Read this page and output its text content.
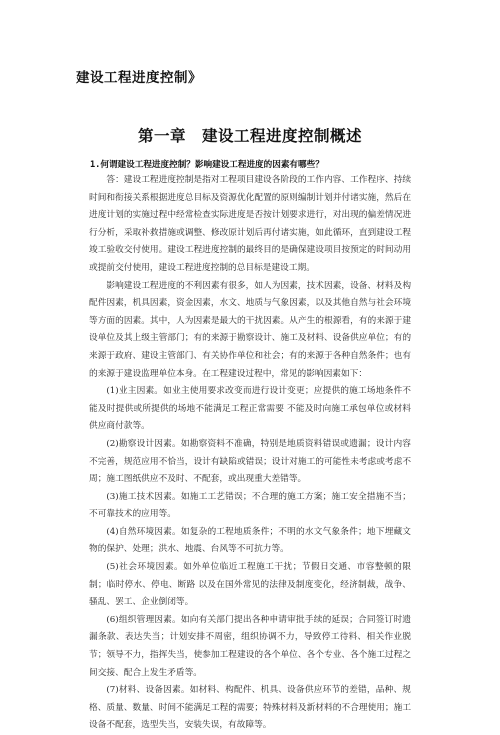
建设工程进度控制》
第一章　建设工程进度控制概述
1.何谓建设工程进度控制？影响建设工程进度的因素有哪些？

答：建设工程进度控制是指对工程项目建设各阶段的工作内容、工作程序、持续时间和衔接关系根据进度总目标及资源优化配置的原则编制计划并付诸实施，然后在进度计划的实施过程中经常检查实际进度是否按计划要求进行，对出现的偏差情况进行分析，采取补救措施或调整、修改原计划后再付诸实施，如此循环，直到建设工程竣工验收交付使用。建设工程进度控制的最终目的是确保建设项目按预定的时间动用或提前交付使用，建设工程进度控制的总目标是建设工期。

影响建设工程进度的不利因素有很多，如人为因素，技术因素，设备、材料及构配件因素，机具因素，资金因素，水文、地质与气象因素，以及其他自然与社会环境等方面的因素。其中，人为因素是最大的干扰因素。从产生的根源看，有的来源于建设单位及其上级主管部门；有的来源于勘察设计、施工及材料、设备供应单位；有的来源于政府、建设主管部门、有关协作单位和社会；有的来源于各种自然条件；也有的来源于建设监理单位本身。在工程建设过程中，常见的影响因素如下：

(1)业主因素。如业主使用要求改变而进行设计变更；应提供的施工场地条件不能及时提供或所提供的场地不能满足工程正常需要 不能及时向施工承包单位或材料供应商付款等。

(2)勘察设计因素。如勘察资料不准确，特别是地质资料错误或遗漏；设计内容不完善，规范应用不恰当，设计有缺陷或错误；设计对施工的可能性未考虑或考虑不周；施工图纸供应不及时、不配套，或出现重大差错等。

(3)施工技术因素。如施工工艺错误；不合理的施工方案；施工安全措施不当；不可靠技术的应用等。

(4)自然环境因素。如复杂的工程地质条件；不明的水文气象条件；地下埋藏文物的保护、处理；洪水、地震、台风等不可抗力等。

(5)社会环境因素。如外单位临近工程施工干扰；节假日交通、市容整顿的限制；临时停水、停电、断路 以及在国外常见的法律及制度变化，经济制裁，战争、骚乱、罢工、企业倒闭等。

(6)组织管理因素。如向有关部门提出各种申请审批手续的延误；合同签订时遗漏条款、表达失当；计划安排不周密，组织协调不力，导致停工待料、相关作业脱节；领导不力，指挥失当，使参加工程建设的各个单位、各个专业、各个施工过程之间交接、配合上发生矛盾等。

(7)材料、设备因素。如材料、构配件、机具、设备供应环节的差错，品种、规格、质量、数量、时间不能满足工程的需要；特殊材料及新材料的不合理使用；施工设备不配套，选型失当，安装失误，有故障等。
